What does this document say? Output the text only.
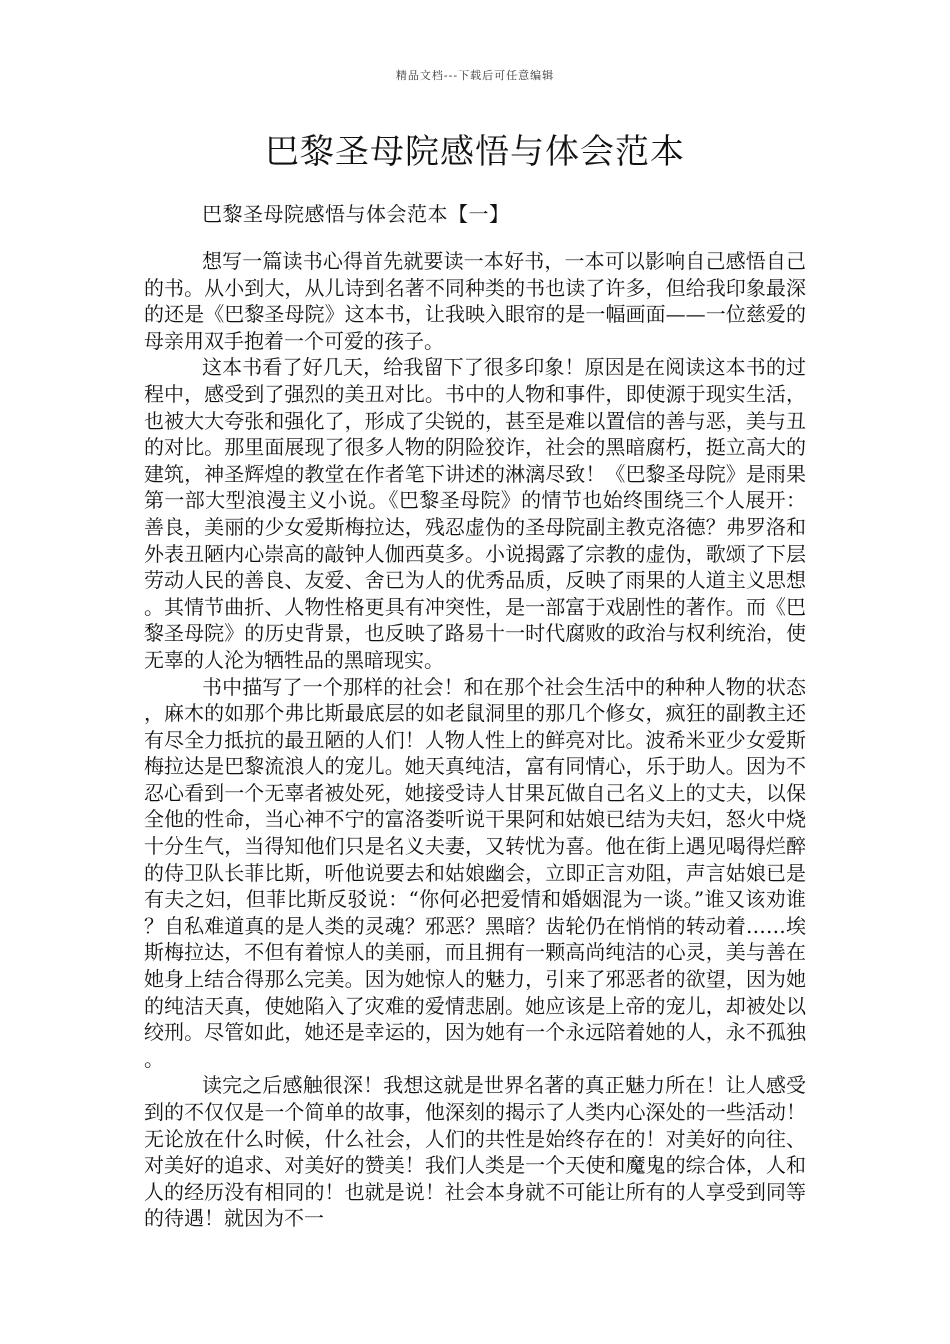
精品文档---下载后可任意编辑
巴黎圣母院感悟与体会范本
巴黎圣母院感悟与体会范本【一】

想写一篇读书心得首先就要读一本好书，一本可以影响自己感悟自己的书。从小到大，从儿诗到名著不同种类的书也读了许多，但给我印象最深的还是《巴黎圣母院》这本书，让我映入眼帘的是一幅画面——一位慈爱的母亲用双手抱着一个可爱的孩子。

这本书看了好几天，给我留下了很多印象！原因是在阅读这本书的过程中，感受到了强烈的美丑对比。书中的人物和事件，即使源于现实生活，也被大大夸张和强化了，形成了尖锐的，甚至是难以置信的善与恶，美与丑的对比。那里面展现了很多人物的阴险狡诈，社会的黑暗腐朽，挺立高大的建筑，神圣辉煌的教堂在作者笔下讲述的淋漓尽致！《巴黎圣母院》是雨果第一部大型浪漫主义小说。《巴黎圣母院》的情节也始终围绕三个人展开：善良，美丽的少女爱斯梅拉达，残忍虚伪的圣母院副主教克洛德？弗罗洛和外表丑陋内心崇高的敲钟人伽西莫多。小说揭露了宗教的虚伪，歌颂了下层劳动人民的善良、友爱、舍已为人的优秀品质，反映了雨果的人道主义思想。其情节曲折、人物性格更具有冲突性，是一部富于戏剧性的著作。而《巴黎圣母院》的历史背景，也反映了路易十一时代腐败的政治与权利统治，使无辜的人沦为牺牲品的黑暗现实。

书中描写了一个那样的社会！和在那个社会生活中的种种人物的状态，麻木的如那个弗比斯最底层的如老鼠洞里的那几个修女，疯狂的副教主还有尽全力抵抗的最丑陋的人们！人物人性上的鲜亮对比。波希米亚少女爱斯梅拉达是巴黎流浪人的宠儿。她天真纯洁，富有同情心，乐于助人。因为不忍心看到一个无辜者被处死，她接受诗人甘果瓦做自己名义上的丈夫，以保全他的性命，当心神不宁的富洛娄听说干果阿和姑娘已结为夫妇，怒火中烧十分生气，当得知他们只是名义夫妻，又转忧为喜。他在街上遇见喝得烂醉的侍卫队长菲比斯，听他说要去和姑娘幽会，立即正言劝阻，声言姑娘已是有夫之妇，但菲比斯反驳说：“你何必把爱情和婚姻混为一谈。”谁又该劝谁？自私难道真的是人类的灵魂？邪恶？黑暗？齿轮仍在悄悄的转动着……埃斯梅拉达，不但有着惊人的美丽，而且拥有一颗高尚纯洁的心灵，美与善在她身上结合得那么完美。因为她惊人的魅力，引来了邪恶者的欲望，因为她的纯洁天真，使她陷入了灾难的爱情悲剧。她应该是上帝的宠儿，却被处以绞刑。尽管如此，她还是幸运的，因为她有一个永远陪着她的人，永不孤独。

读完之后感触很深！我想这就是世界名著的真正魅力所在！让人感受到的不仅仅是一个简单的故事，他深刻的揭示了人类内心深处的一些活动！无论放在什么时候，什么社会，人们的共性是始终存在的！对美好的向往、对美好的追求、对美好的赞美！我们人类是一个天使和魔鬼的综合体，人和人的经历没有相同的！也就是说！社会本身就不可能让所有的人享受到同等的待遇！就因为不一
